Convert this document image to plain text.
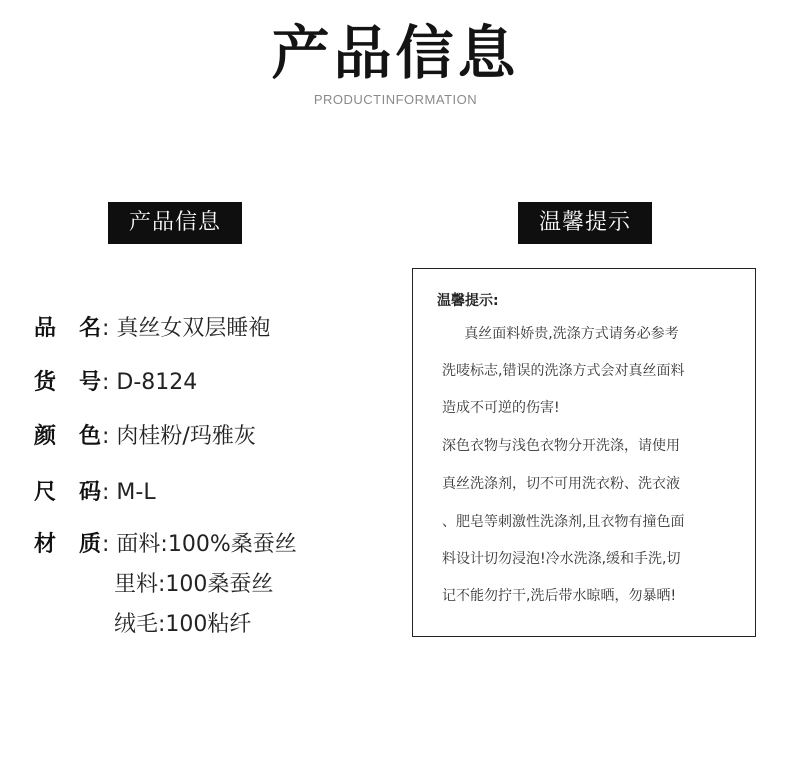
产品信息
PRODUCTINFORMATION
产品信息	温馨提示
品   名: 真丝女双层睡袍
货   号: D-8124
颜   色: 肉桂粉/玛雅灰
尺   码: M-L
材   质: 面料:100%桑蚕丝
里料:100桑蚕丝
绒毛:100粘纤
温馨提示:
真丝面料娇贵,洗涤方式请务必参考
洗唛标志,错误的洗涤方式会对真丝面料
造成不可逆的伤害!
深色衣物与浅色衣物分开洗涤，请使用
真丝洗涤剂，切不可用洗衣粉、洗衣液
、肥皂等刺激性洗涤剂,且衣物有撞色面
料设计切勿浸泡!冷水洗涤,缓和手洗,切
记不能勿拧干,洗后带水晾晒，勿暴晒!
